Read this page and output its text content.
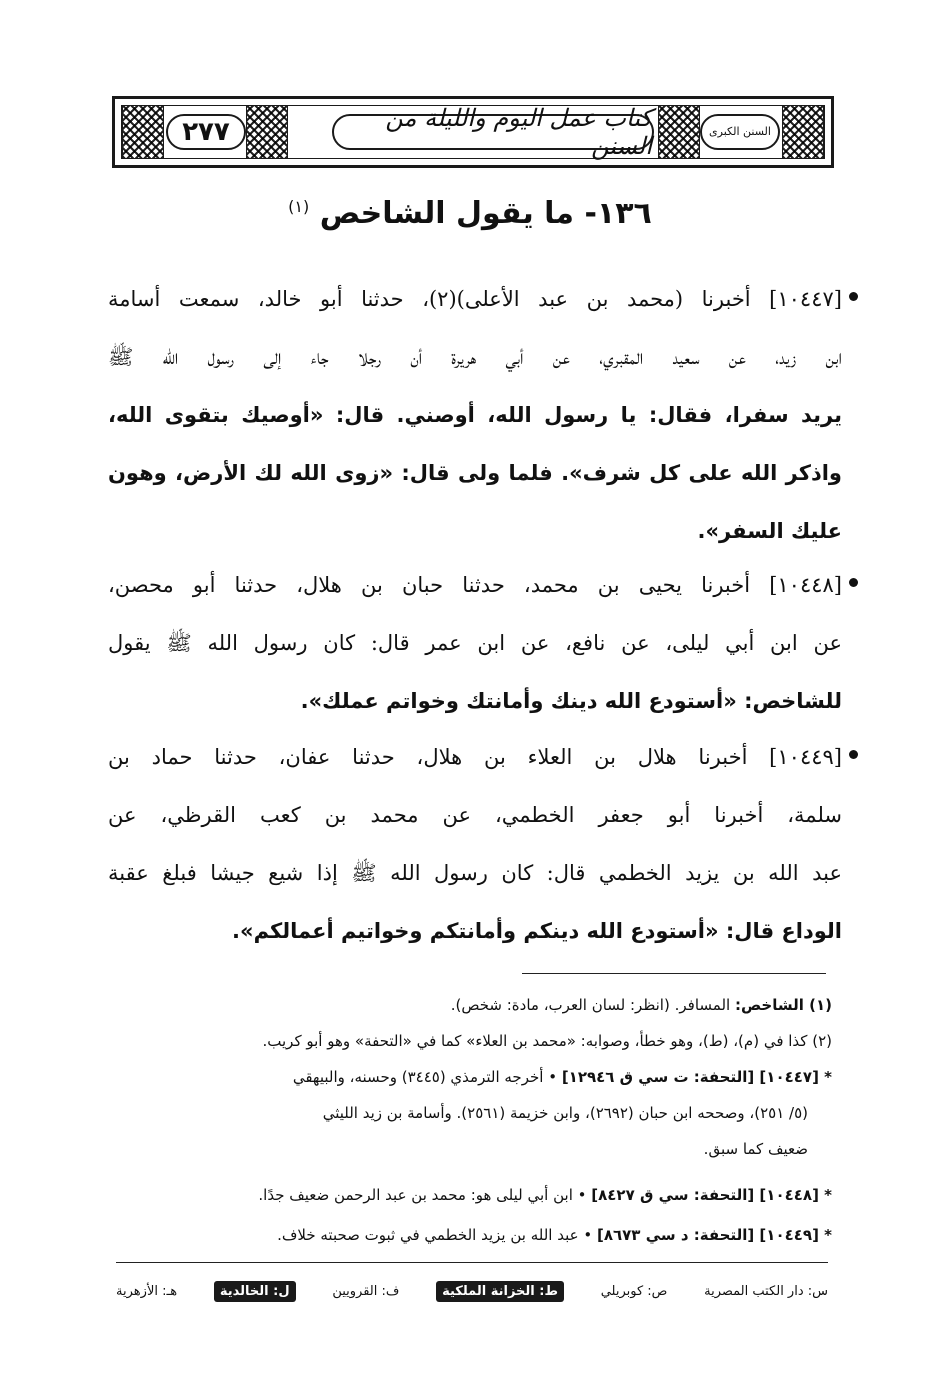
السنن الكبرى
كتاب عمل اليوم والليلة من السنن
٢٧٧
١٣٦- ما يقول الشاخص $^{(١)}$
[١٠٤٤٧] أخبرنا (محمد بن عبد الأعلى)(٢)، حدثنا أبو خالد، سمعت أسامة
ابن زيد، عن سعيد المقبري، عن أبي هريرة أن رجلا جاء إلى رسول الله ﷺ
يريد سفرا، فقال: يا رسول الله، أوصني. قال: «أوصيك بتقوى الله،
واذكر الله على كل شرف». فلما ولى قال: «زوى الله لك الأرض، وهون
عليك السفر».
[١٠٤٤٨] أخبرنا يحيى بن محمد، حدثنا حبان بن هلال، حدثنا أبو محصن،
عن ابن أبي ليلى، عن نافع، عن ابن عمر قال: كان رسول الله ﷺ يقول
للشاخص: «أستودع الله دينك وأمانتك وخواتم عملك».
[١٠٤٤٩] أخبرنا هلال بن العلاء بن هلال، حدثنا عفان، حدثنا حماد بن
سلمة، أخبرنا أبو جعفر الخطمي، عن محمد بن كعب القرظي، عن
عبد الله بن يزيد الخطمي قال: كان رسول الله ﷺ إذا شيع جيشا فبلغ عقبة
الوداع قال: «أستودع الله دينكم وأمانتكم وخواتيم أعمالكم».
(١) الشاخص: المسافر. (انظر: لسان العرب، مادة: شخص).
(٢) كذا في (م)، (ط)، وهو خطأ، وصوابه: «محمد بن العلاء» كما في «التحفة» وهو أبو كريب.
* [١٠٤٤٧] [التحفة: ت سي ق ١٢٩٤٦] • أخرجه الترمذي (٣٤٤٥) وحسنه، والبيهقي
(٥/ ٢٥١)، وصححه ابن حبان (٢٦٩٢)، وابن خزيمة (٢٥٦١). وأسامة بن زيد الليثي
ضعيف كما سبق.
* [١٠٤٤٨] [التحفة: سي ق ٨٤٢٧] • ابن أبي ليلى هو: محمد بن عبد الرحمن ضعيف جدًا.
* [١٠٤٤٩] [التحفة: د سي ٨٦٧٣] • عبد الله بن يزيد الخطمي في ثبوت صحبته خلاف.
س: دار الكتب المصرية
ص: كوبريلي
ط: الخزانة الملكية
ف: القرويين
ل: الخالدية
هـ: الأزهرية
